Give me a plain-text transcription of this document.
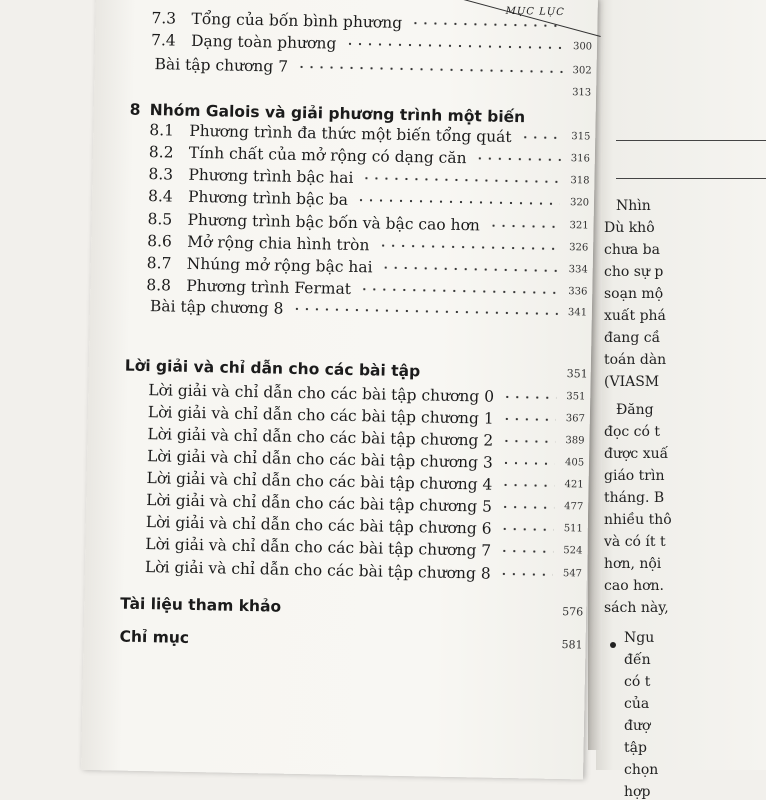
Nhìn
Dù khô
chưa ba
cho sự p
soạn mộ
xuất phá
đang cầ
toán dàn
(VIASM
Đăng
đọc có t
được xuấ
giáo trìn
tháng. B
nhiều thô
và có ít t
hơn, nội
cao hơn.
sách này,
Ngu
đến
có t
của
đượ
tập
chọn
hợp
MỤC LỤC
7.3 Tổng của bốn bình phương
7.4 Dạng toàn phương	300
Bài tập chương 7	302
313
8 Nhóm Galois và giải phương trình một biến
8.1 Phương trình đa thức một biến tổng quát	315
8.2 Tính chất của mở rộng có dạng căn	316
8.3 Phương trình bậc hai	318
8.4 Phương trình bậc ba	320
8.5 Phương trình bậc bốn và bậc cao hơn	321
8.6 Mở rộng chia hình tròn	326
8.7 Nhúng mở rộng bậc hai	334
8.8 Phương trình Fermat	336
Bài tập chương 8	341
Lời giải và chỉ dẫn cho các bài tập	351
Lời giải và chỉ dẫn cho các bài tập chương 0	351
Lời giải và chỉ dẫn cho các bài tập chương 1	367
Lời giải và chỉ dẫn cho các bài tập chương 2	389
Lời giải và chỉ dẫn cho các bài tập chương 3	405
Lời giải và chỉ dẫn cho các bài tập chương 4	421
Lời giải và chỉ dẫn cho các bài tập chương 5	477
Lời giải và chỉ dẫn cho các bài tập chương 6	511
Lời giải và chỉ dẫn cho các bài tập chương 7	524
Lời giải và chỉ dẫn cho các bài tập chương 8	547
Tài liệu tham khảo	576
Chỉ mục	581
